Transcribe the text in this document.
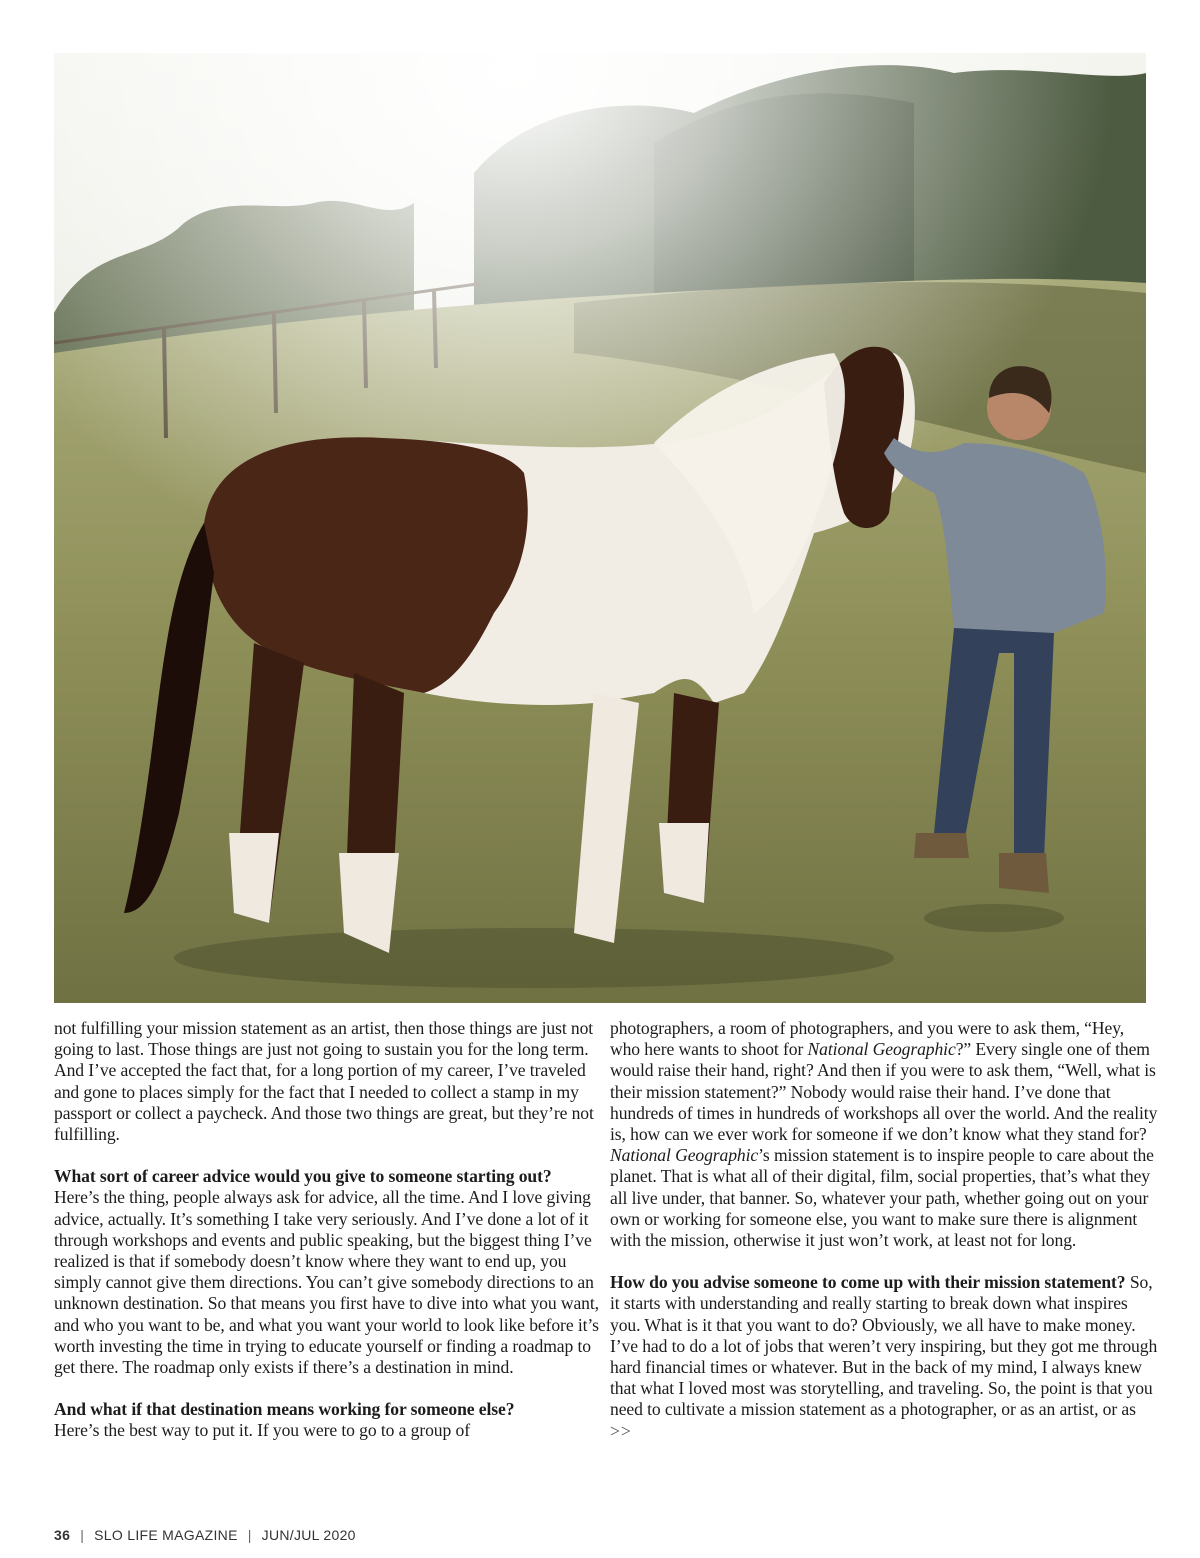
not fulfilling your mission statement as an artist, then those things are just not going to last. Those things are just not going to sustain you for the long term. And I’ve accepted the fact that, for a long portion of my career, I’ve traveled and gone to places simply for the fact that I needed to collect a stamp in my passport or collect a paycheck. And those two things are great, but they’re not fulfilling.

What sort of career advice would you give to someone starting out?

Here’s the thing, people always ask for advice, all the time. And I love giving advice, actually. It’s something I take very seriously. And I’ve done a lot of it through workshops and events and public speaking, but the biggest thing I’ve realized is that if somebody doesn’t know where they want to end up, you simply cannot give them directions. You can’t give somebody directions to an unknown destination. So that means you first have to dive into what you want, and who you want to be, and what you want your world to look like before it’s worth investing the time in trying to educate yourself or finding a roadmap to get there. The roadmap only exists if there’s a destination in mind.

And what if that destination means working for someone else?

Here’s the best way to put it. If you were to go to a group of

photographers, a room of photographers, and you were to ask them, “Hey, who here wants to shoot for National Geographic?” Every single one of them would raise their hand, right? And then if you were to ask them, “Well, what is their mission statement?” Nobody would raise their hand. I’ve done that hundreds of times in hundreds of workshops all over the world. And the reality is, how can we ever work for someone if we don’t know what they stand for? National Geographic’s mission statement is to inspire people to care about the planet. That is what all of their digital, film, social properties, that’s what they all live under, that banner. So, whatever your path, whether going out on your own or working for someone else, you want to make sure there is alignment with the mission, otherwise it just won’t work, at least not for long.

How do you advise someone to come up with their mission statement? So, it starts with understanding and really starting to break down what inspires you. What is it that you want to do? Obviously, we all have to make money. I’ve had to do a lot of jobs that weren’t very inspiring, but they got me through hard financial times or whatever. But in the back of my mind, I always knew that what I loved most was storytelling, and traveling. So, the point is that you need to cultivate a mission statement as a photographer, or as an artist, or as >>

36 | SLO LIFE MAGAZINE | JUN/JUL 2020
